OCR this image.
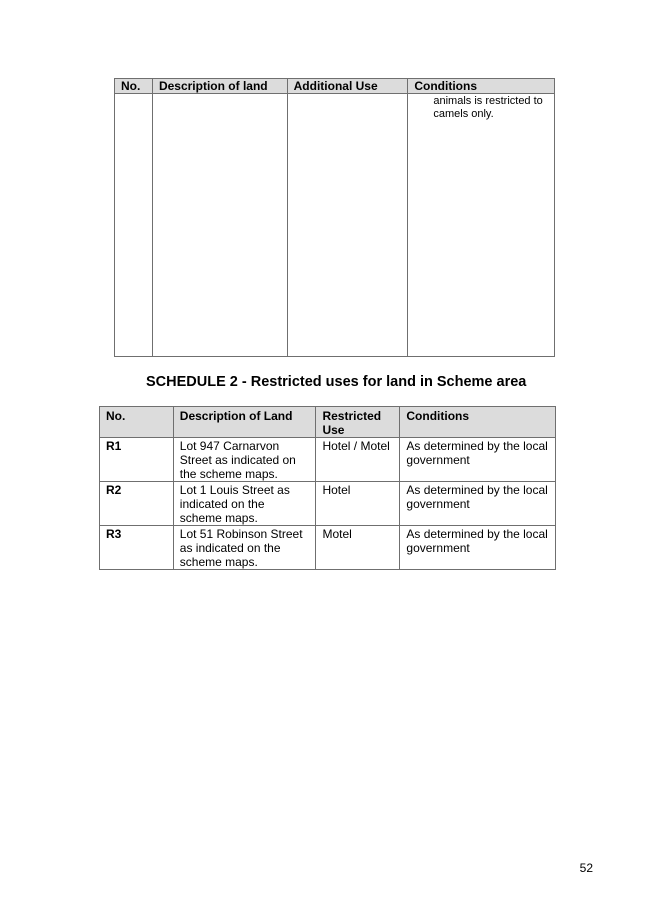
No.	Description of land	Additional Use	Conditions

			animals is restricted to camels only.
SCHEDULE 2 - Restricted uses for land in Scheme area
No.	Description of Land	Restricted Use	Conditions
R1	Lot 947 Carnarvon Street as indicated on the scheme maps.	Hotel / Motel	As determined by the local government
R2	Lot 1 Louis Street as indicated on the scheme maps.	Hotel	As determined by the local government
R3	Lot 51 Robinson Street as indicated on the scheme maps.	Motel	As determined by the local government
52
